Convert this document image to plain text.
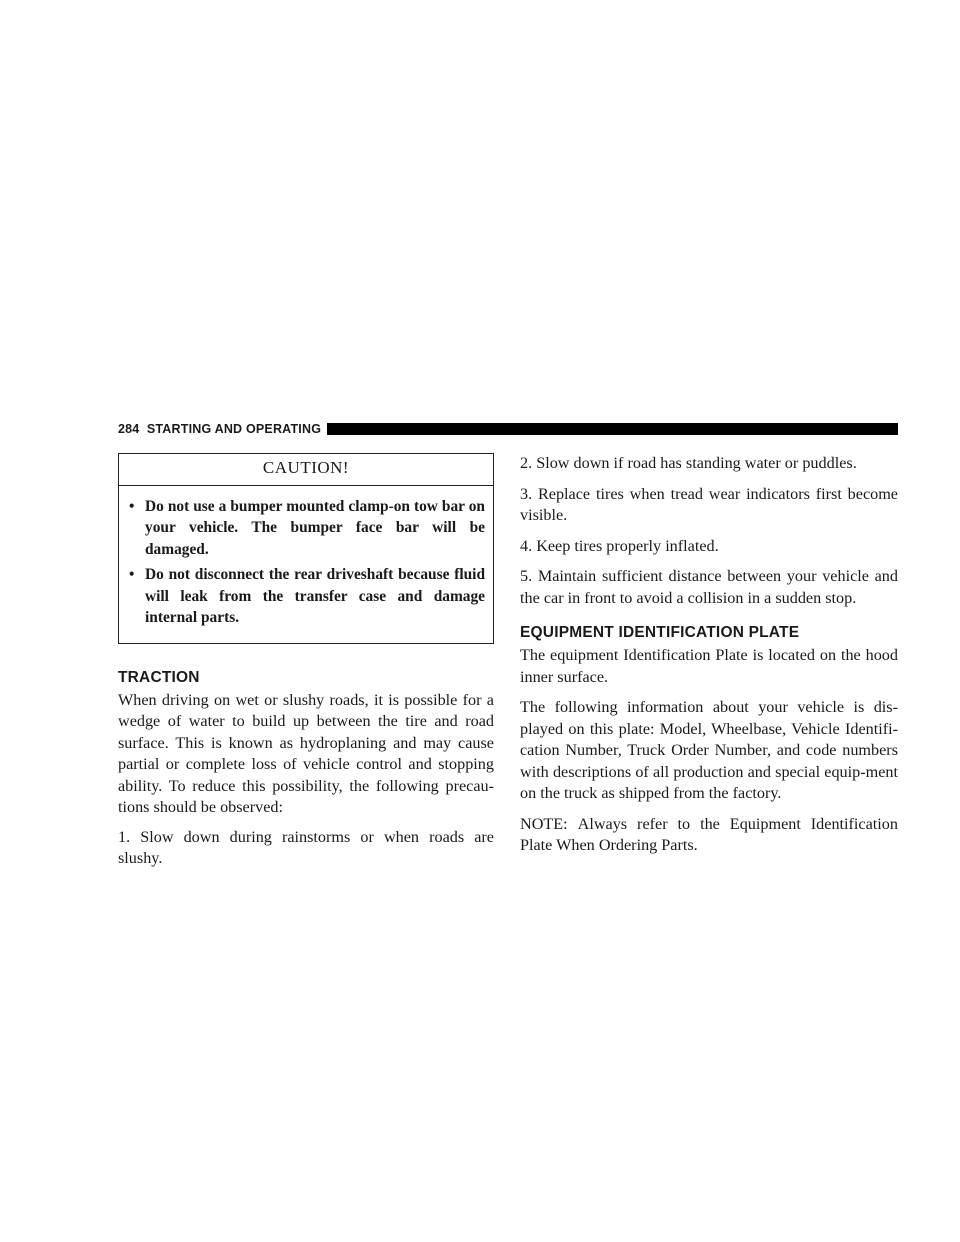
284 STARTING AND OPERATING
CAUTION!
• Do not use a bumper mounted clamp-on tow bar on your vehicle. The bumper face bar will be damaged.
• Do not disconnect the rear driveshaft because fluid will leak from the transfer case and damage internal parts.
TRACTION

When driving on wet or slushy roads, it is possible for a wedge of water to build up between the tire and road surface. This is known as hydroplaning and may cause partial or complete loss of vehicle control and stopping ability. To reduce this possibility, the following precau-tions should be observed:

1. Slow down during rainstorms or when roads are slushy.

2. Slow down if road has standing water or puddles.

3. Replace tires when tread wear indicators first become visible.

4. Keep tires properly inflated.

5. Maintain sufficient distance between your vehicle and the car in front to avoid a collision in a sudden stop.

EQUIPMENT IDENTIFICATION PLATE

The equipment Identification Plate is located on the hood inner surface.

The following information about your vehicle is dis-played on this plate: Model, Wheelbase, Vehicle Identifi-cation Number, Truck Order Number, and code numbers with descriptions of all production and special equip-ment on the truck as shipped from the factory.

NOTE: Always refer to the Equipment Identification Plate When Ordering Parts.
